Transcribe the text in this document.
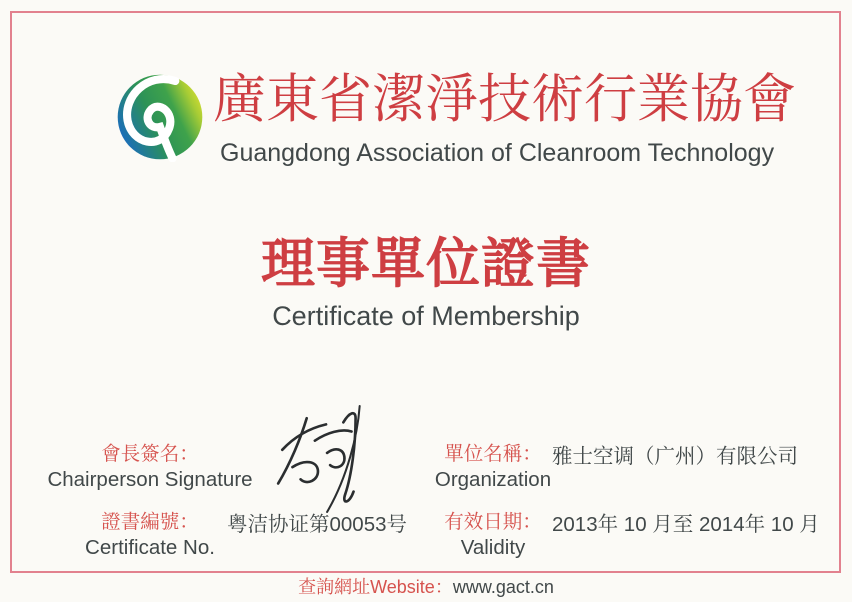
廣東省潔淨技術行業協會
Guangdong Association of Cleanroom Technology
理事單位證書
Certificate of Membership
會長簽名：
Chairperson Signature
單位名稱：
Organization
雅士空调（广州）有限公司
證書編號：
Certificate No.
粤洁协证第00053号	有效日期：
Validity
2013年 10 月至 2014年 10 月
查詢網址Website：www.gact.cn
